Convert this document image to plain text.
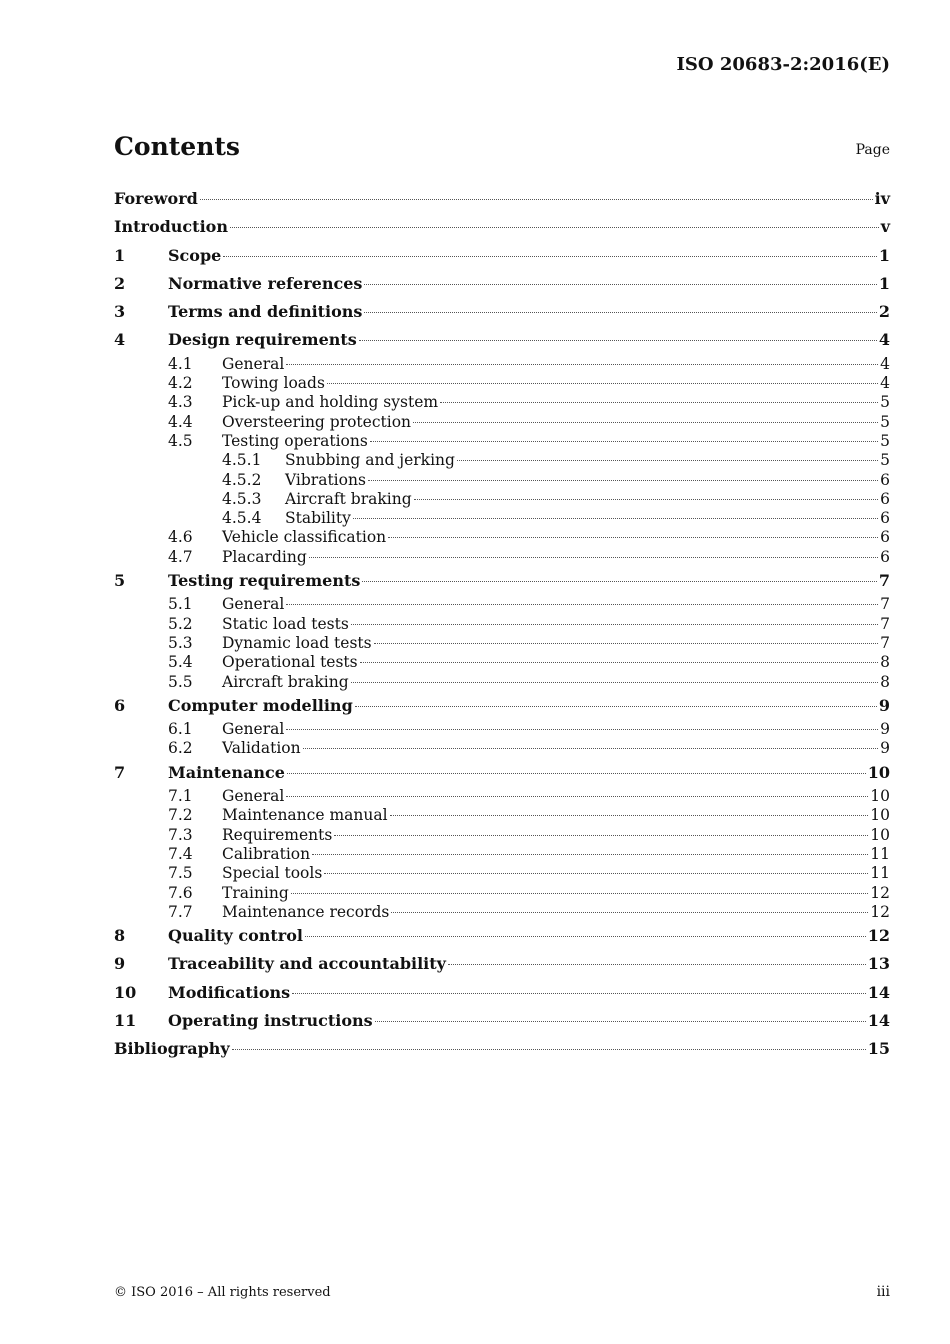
ISO 20683-2:2016(E)
Contents	Page
Foreword	iv
Introduction	v
1	Scope	1
2	Normative references	1
3	Terms and definitions	2
4	Design requirements	4
4.1	General	4
4.2	Towing loads	4
4.3	Pick-up and holding system	5
4.4	Oversteering protection	5
4.5	Testing operations	5
4.5.1	Snubbing and jerking	5
4.5.2	Vibrations	6
4.5.3	Aircraft braking	6
4.5.4	Stability	6
4.6	Vehicle classification	6
4.7	Placarding	6
5	Testing requirements	7
5.1	General	7
5.2	Static load tests	7
5.3	Dynamic load tests	7
5.4	Operational tests	8
5.5	Aircraft braking	8
6	Computer modelling	9
6.1	General	9
6.2	Validation	9
7	Maintenance	10
7.1	General	10
7.2	Maintenance manual	10
7.3	Requirements	10
7.4	Calibration	11
7.5	Special tools	11
7.6	Training	12
7.7	Maintenance records	12
8	Quality control	12
9	Traceability and accountability	13
10	Modifications	14
11	Operating instructions	14
Bibliography	15
© ISO 2016 – All rights reserved	iii
